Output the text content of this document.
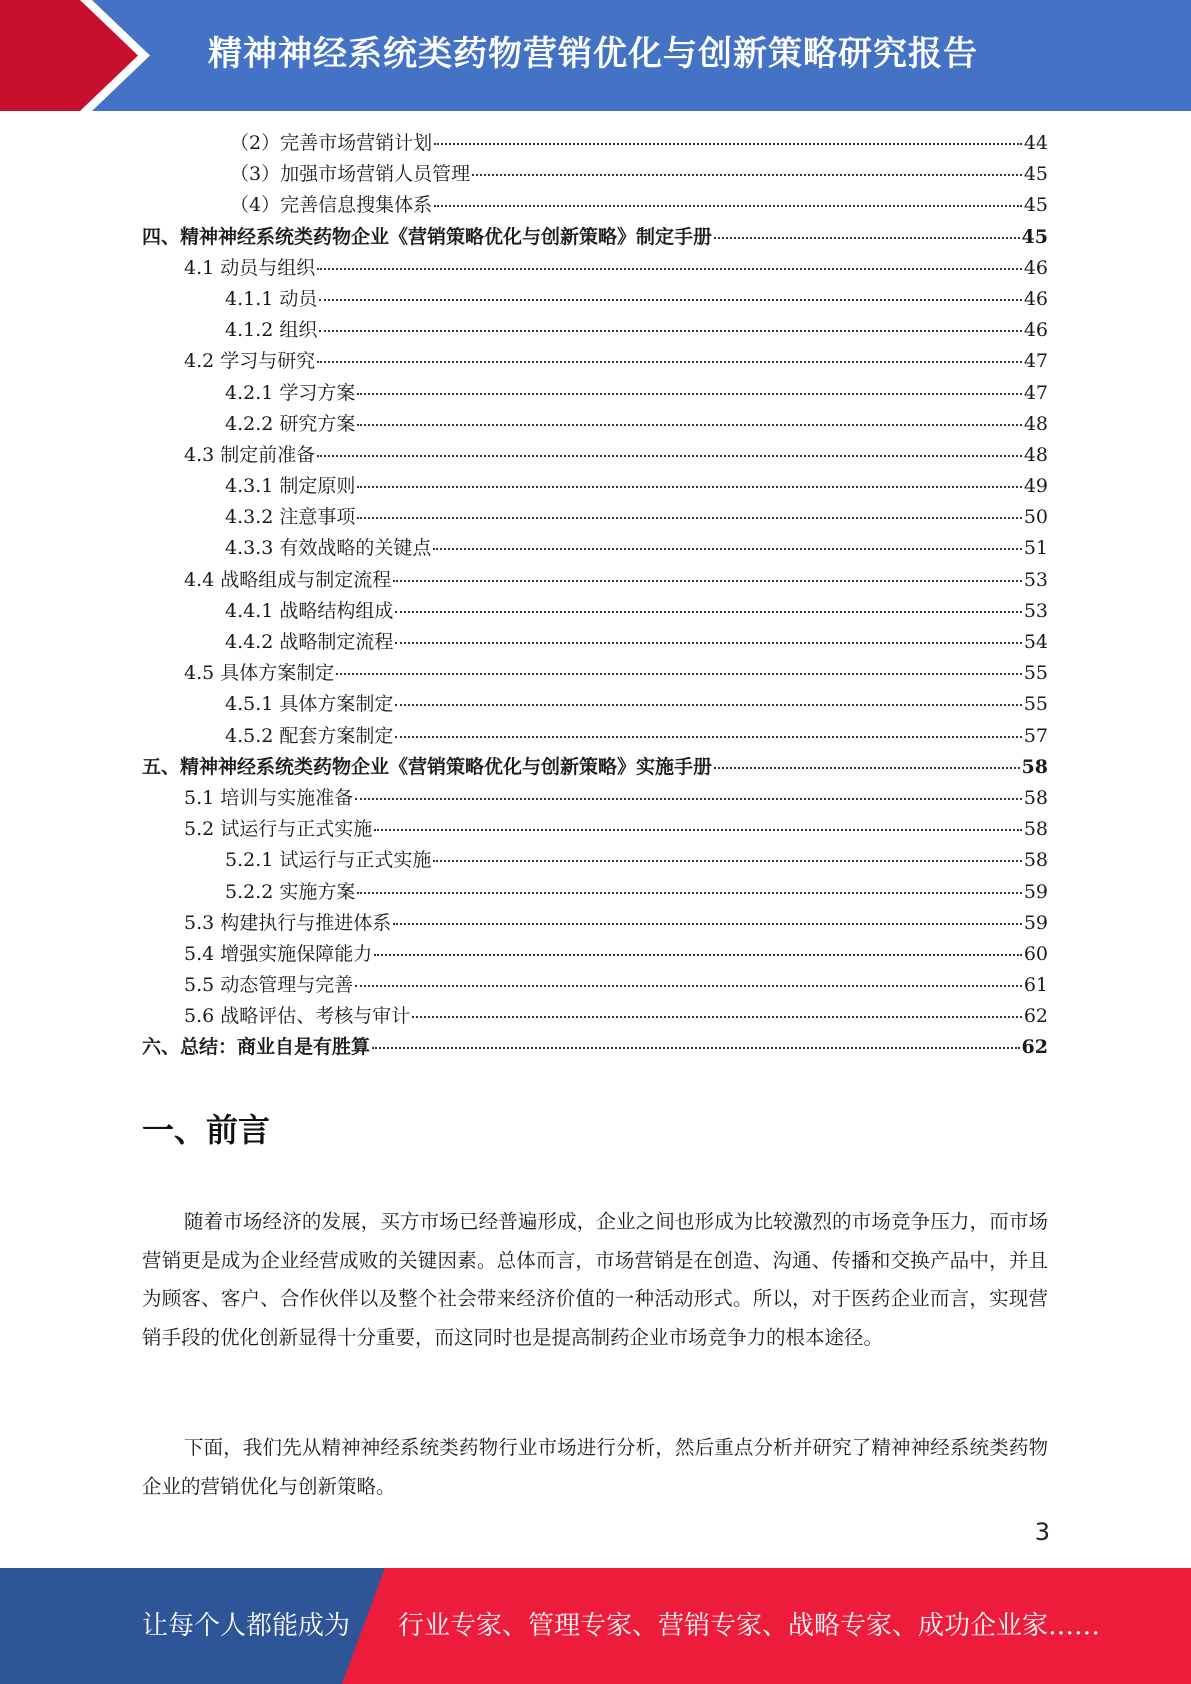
精神神经系统类药物营销优化与创新策略研究报告
（2）完善市场营销计划	44
（3）加强市场营销人员管理	45
（4）完善信息搜集体系	45
四、精神神经系统类药物企业《营销策略优化与创新策略》制定手册	45
4.1 动员与组织	46
4.1.1 动员	46
4.1.2 组织	46
4.2 学习与研究	47
4.2.1 学习方案	47
4.2.2 研究方案	48
4.3 制定前准备	48
4.3.1 制定原则	49
4.3.2 注意事项	50
4.3.3 有效战略的关键点	51
4.4 战略组成与制定流程	53
4.4.1 战略结构组成	53
4.4.2 战略制定流程	54
4.5 具体方案制定	55
4.5.1 具体方案制定	55
4.5.2 配套方案制定	57
五、精神神经系统类药物企业《营销策略优化与创新策略》实施手册	58
5.1 培训与实施准备	58
5.2 试运行与正式实施	58
5.2.1 试运行与正式实施	58
5.2.2 实施方案	59
5.3 构建执行与推进体系	59
5.4 增强实施保障能力	60
5.5 动态管理与完善	61
5.6 战略评估、考核与审计	62
六、总结：商业自是有胜算	62
一、前言

随着市场经济的发展，买方市场已经普遍形成，企业之间也形成为比较激烈的市场竞争压力，而市场营销更是成为企业经营成败的关键因素。总体而言，市场营销是在创造、沟通、传播和交换产品中，并且为顾客、客户、合作伙伴以及整个社会带来经济价值的一种活动形式。所以，对于医药企业而言，实现营销手段的优化创新显得十分重要，而这同时也是提高制药企业市场竞争力的根本途径。

下面，我们先从精神神经系统类药物行业市场进行分析，然后重点分析并研究了精神神经系统类药物企业的营销优化与创新策略。

3
让每个人都能成为 行业专家、管理专家、营销专家、战略专家、成功企业家……
